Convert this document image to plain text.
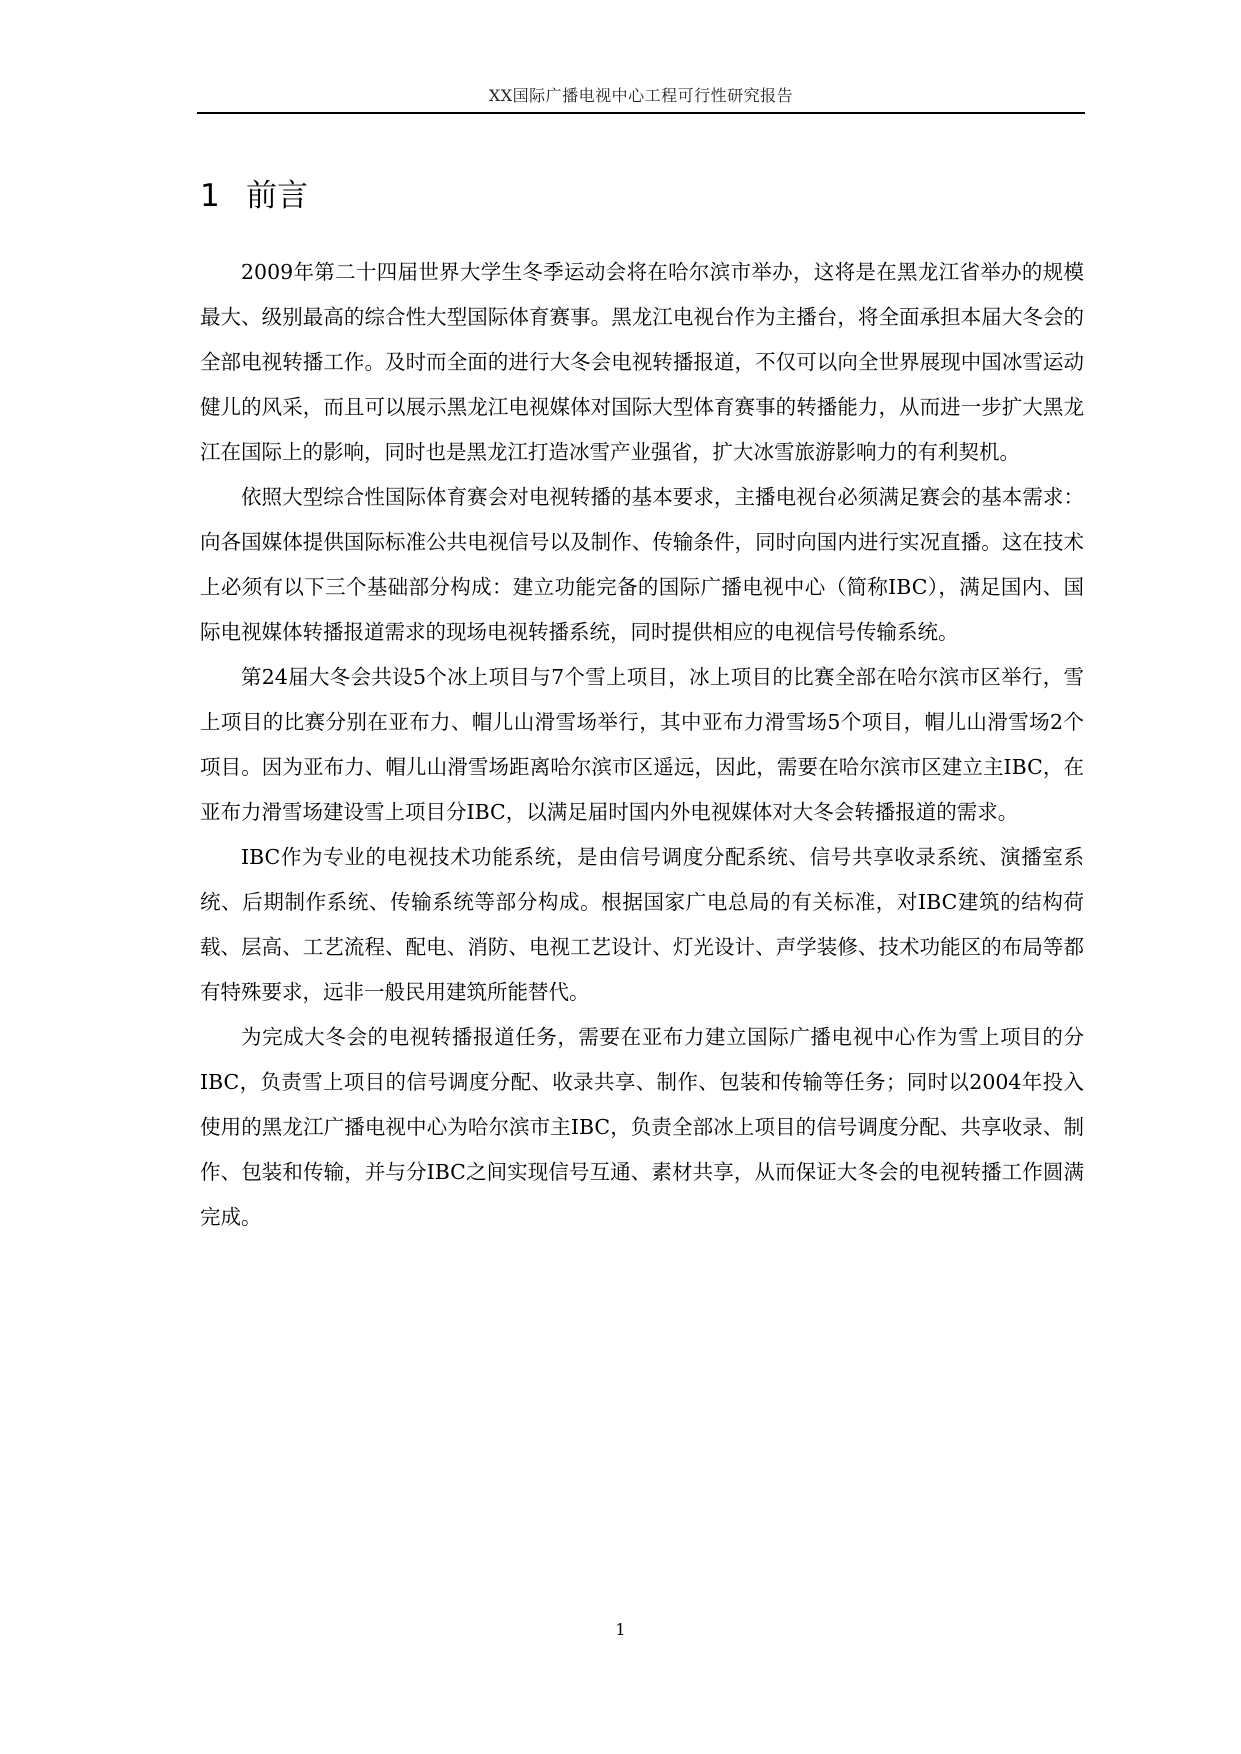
XX国际广播电视中心工程可行性研究报告
1 前言

2009年第二十四届世界大学生冬季运动会将在哈尔滨市举办，这将是在黑龙江省举办的规模最大、级别最高的综合性大型国际体育赛事。黑龙江电视台作为主播台，将全面承担本届大冬会的全部电视转播工作。及时而全面的进行大冬会电视转播报道，不仅可以向全世界展现中国冰雪运动健儿的风采，而且可以展示黑龙江电视媒体对国际大型体育赛事的转播能力，从而进一步扩大黑龙江在国际上的影响，同时也是黑龙江打造冰雪产业强省，扩大冰雪旅游影响力的有利契机。

依照大型综合性国际体育赛会对电视转播的基本要求，主播电视台必须满足赛会的基本需求：向各国媒体提供国际标准公共电视信号以及制作、传输条件，同时向国内进行实况直播。这在技术上必须有以下三个基础部分构成：建立功能完备的国际广播电视中心（简称IBC），满足国内、国际电视媒体转播报道需求的现场电视转播系统，同时提供相应的电视信号传输系统。

第24届大冬会共设5个冰上项目与7个雪上项目，冰上项目的比赛全部在哈尔滨市区举行，雪上项目的比赛分别在亚布力、帽儿山滑雪场举行，其中亚布力滑雪场5个项目，帽儿山滑雪场2个项目。因为亚布力、帽儿山滑雪场距离哈尔滨市区遥远，因此，需要在哈尔滨市区建立主IBC，在亚布力滑雪场建设雪上项目分IBC，以满足届时国内外电视媒体对大冬会转播报道的需求。

IBC作为专业的电视技术功能系统，是由信号调度分配系统、信号共享收录系统、演播室系统、后期制作系统、传输系统等部分构成。根据国家广电总局的有关标准，对IBC建筑的结构荷载、层高、工艺流程、配电、消防、电视工艺设计、灯光设计、声学装修、技术功能区的布局等都有特殊要求，远非一般民用建筑所能替代。

为完成大冬会的电视转播报道任务，需要在亚布力建立国际广播电视中心作为雪上项目的分IBC，负责雪上项目的信号调度分配、收录共享、制作、包装和传输等任务；同时以2004年投入使用的黑龙江广播电视中心为哈尔滨市主IBC，负责全部冰上项目的信号调度分配、共享收录、制作、包装和传输，并与分IBC之间实现信号互通、素材共享，从而保证大冬会的电视转播工作圆满完成。

1
